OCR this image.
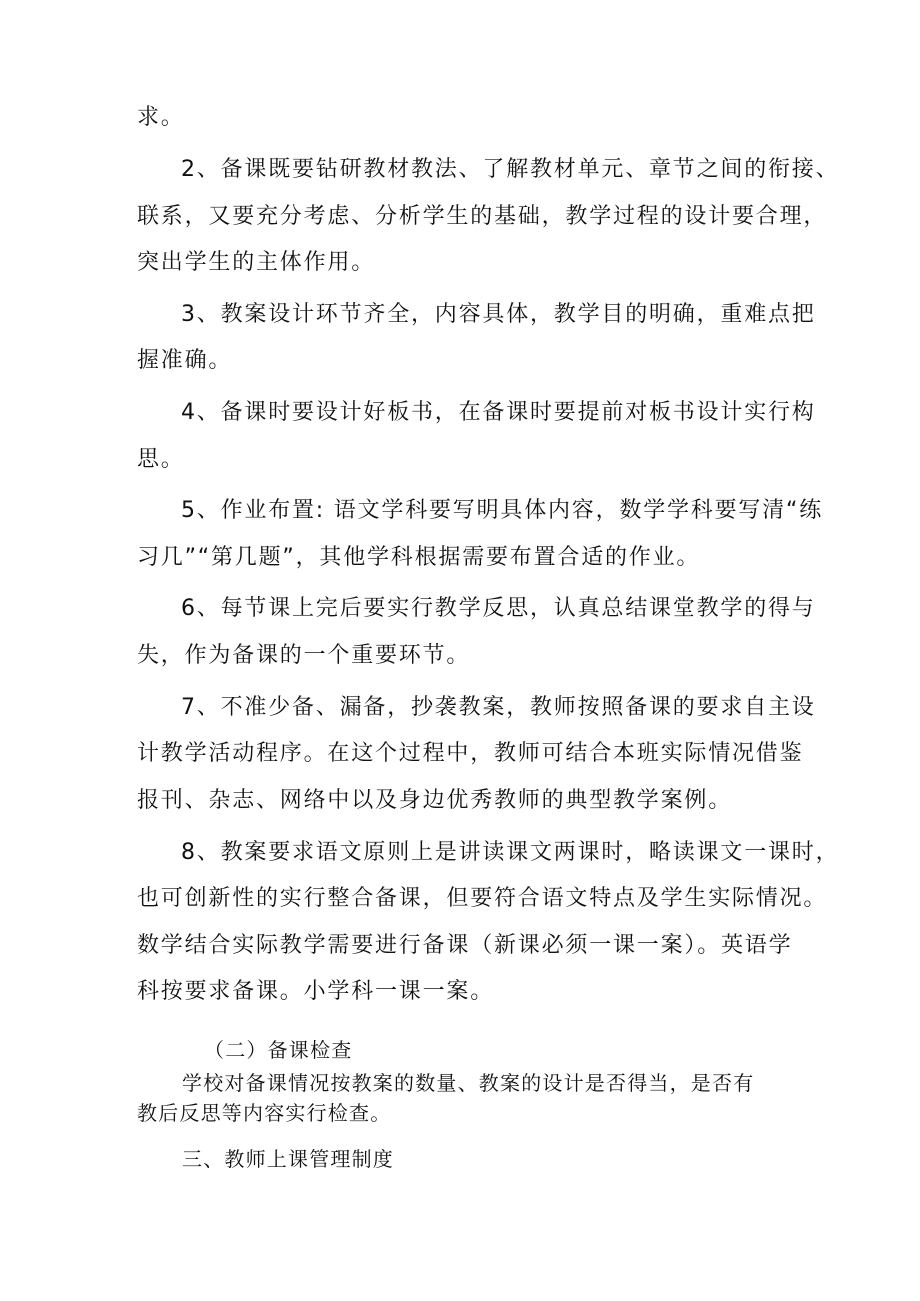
求。
2、备课既要钻研教材教法、了解教材单元、章节之间的衔接、
联系，又要充分考虑、分析学生的基础，教学过程的设计要合理，
突出学生的主体作用。
3、教案设计环节齐全，内容具体，教学目的明确，重难点把
握准确。
4、备课时要设计好板书，在备课时要提前对板书设计实行构
思。
5、作业布置: 语文学科要写明具体内容，数学学科要写清“练
习几”“第几题”，其他学科根据需要布置合适的作业。
6、每节课上完后要实行教学反思，认真总结课堂教学的得与
失，作为备课的一个重要环节。
7、不准少备、漏备，抄袭教案，教师按照备课的要求自主设
计教学活动程序。在这个过程中，教师可结合本班实际情况借鉴
报刊、杂志、网络中以及身边优秀教师的典型教学案例。
8、教案要求语文原则上是讲读课文两课时，略读课文一课时，
也可创新性的实行整合备课，但要符合语文特点及学生实际情况。
数学结合实际教学需要进行备课（新课必须一课一案）。英语学
科按要求备课。小学科一课一案。
（二）备课检查
学校对备课情况按教案的数量、教案的设计是否得当，是否有
教后反思等内容实行检查。
三、教师上课管理制度
